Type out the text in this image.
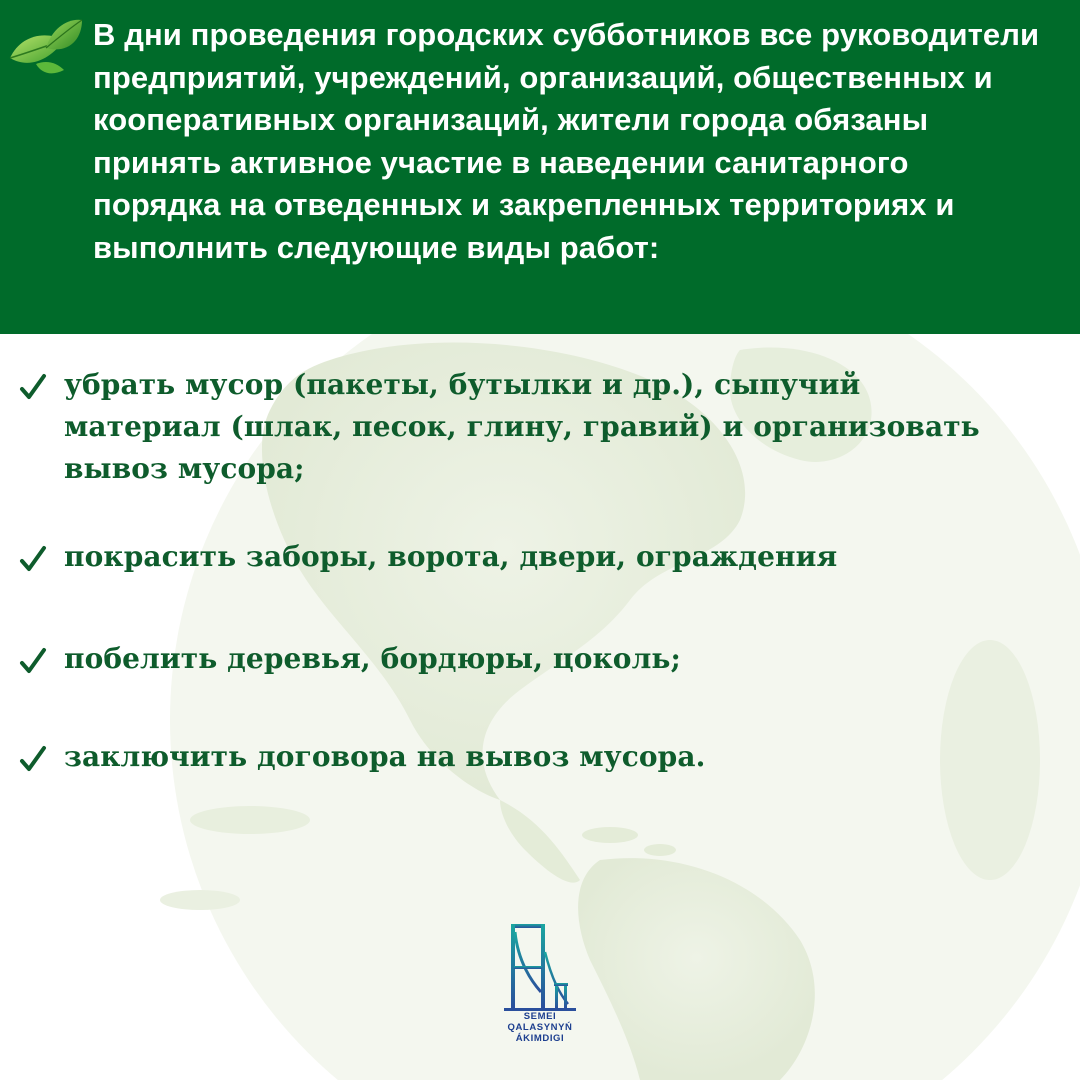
В дни проведения городских субботников все руководители предприятий, учреждений, организаций, общественных и кооперативных организаций, жители города обязаны принять активное участие в наведении санитарного порядка на отведенных и закрепленных территориях и выполнить следующие виды работ:

убрать мусор (пакеты, бутылки и др.), сыпучий материал (шлак, песок, глину, гравий) и организовать вывоз мусора;

покрасить заборы, ворота, двери, ограждения

побелить деревья, бордюры, цоколь;

заключить договора на вывоз мусора.

SEMEI
QALASYNYŃ
ÁKIMDIGI
